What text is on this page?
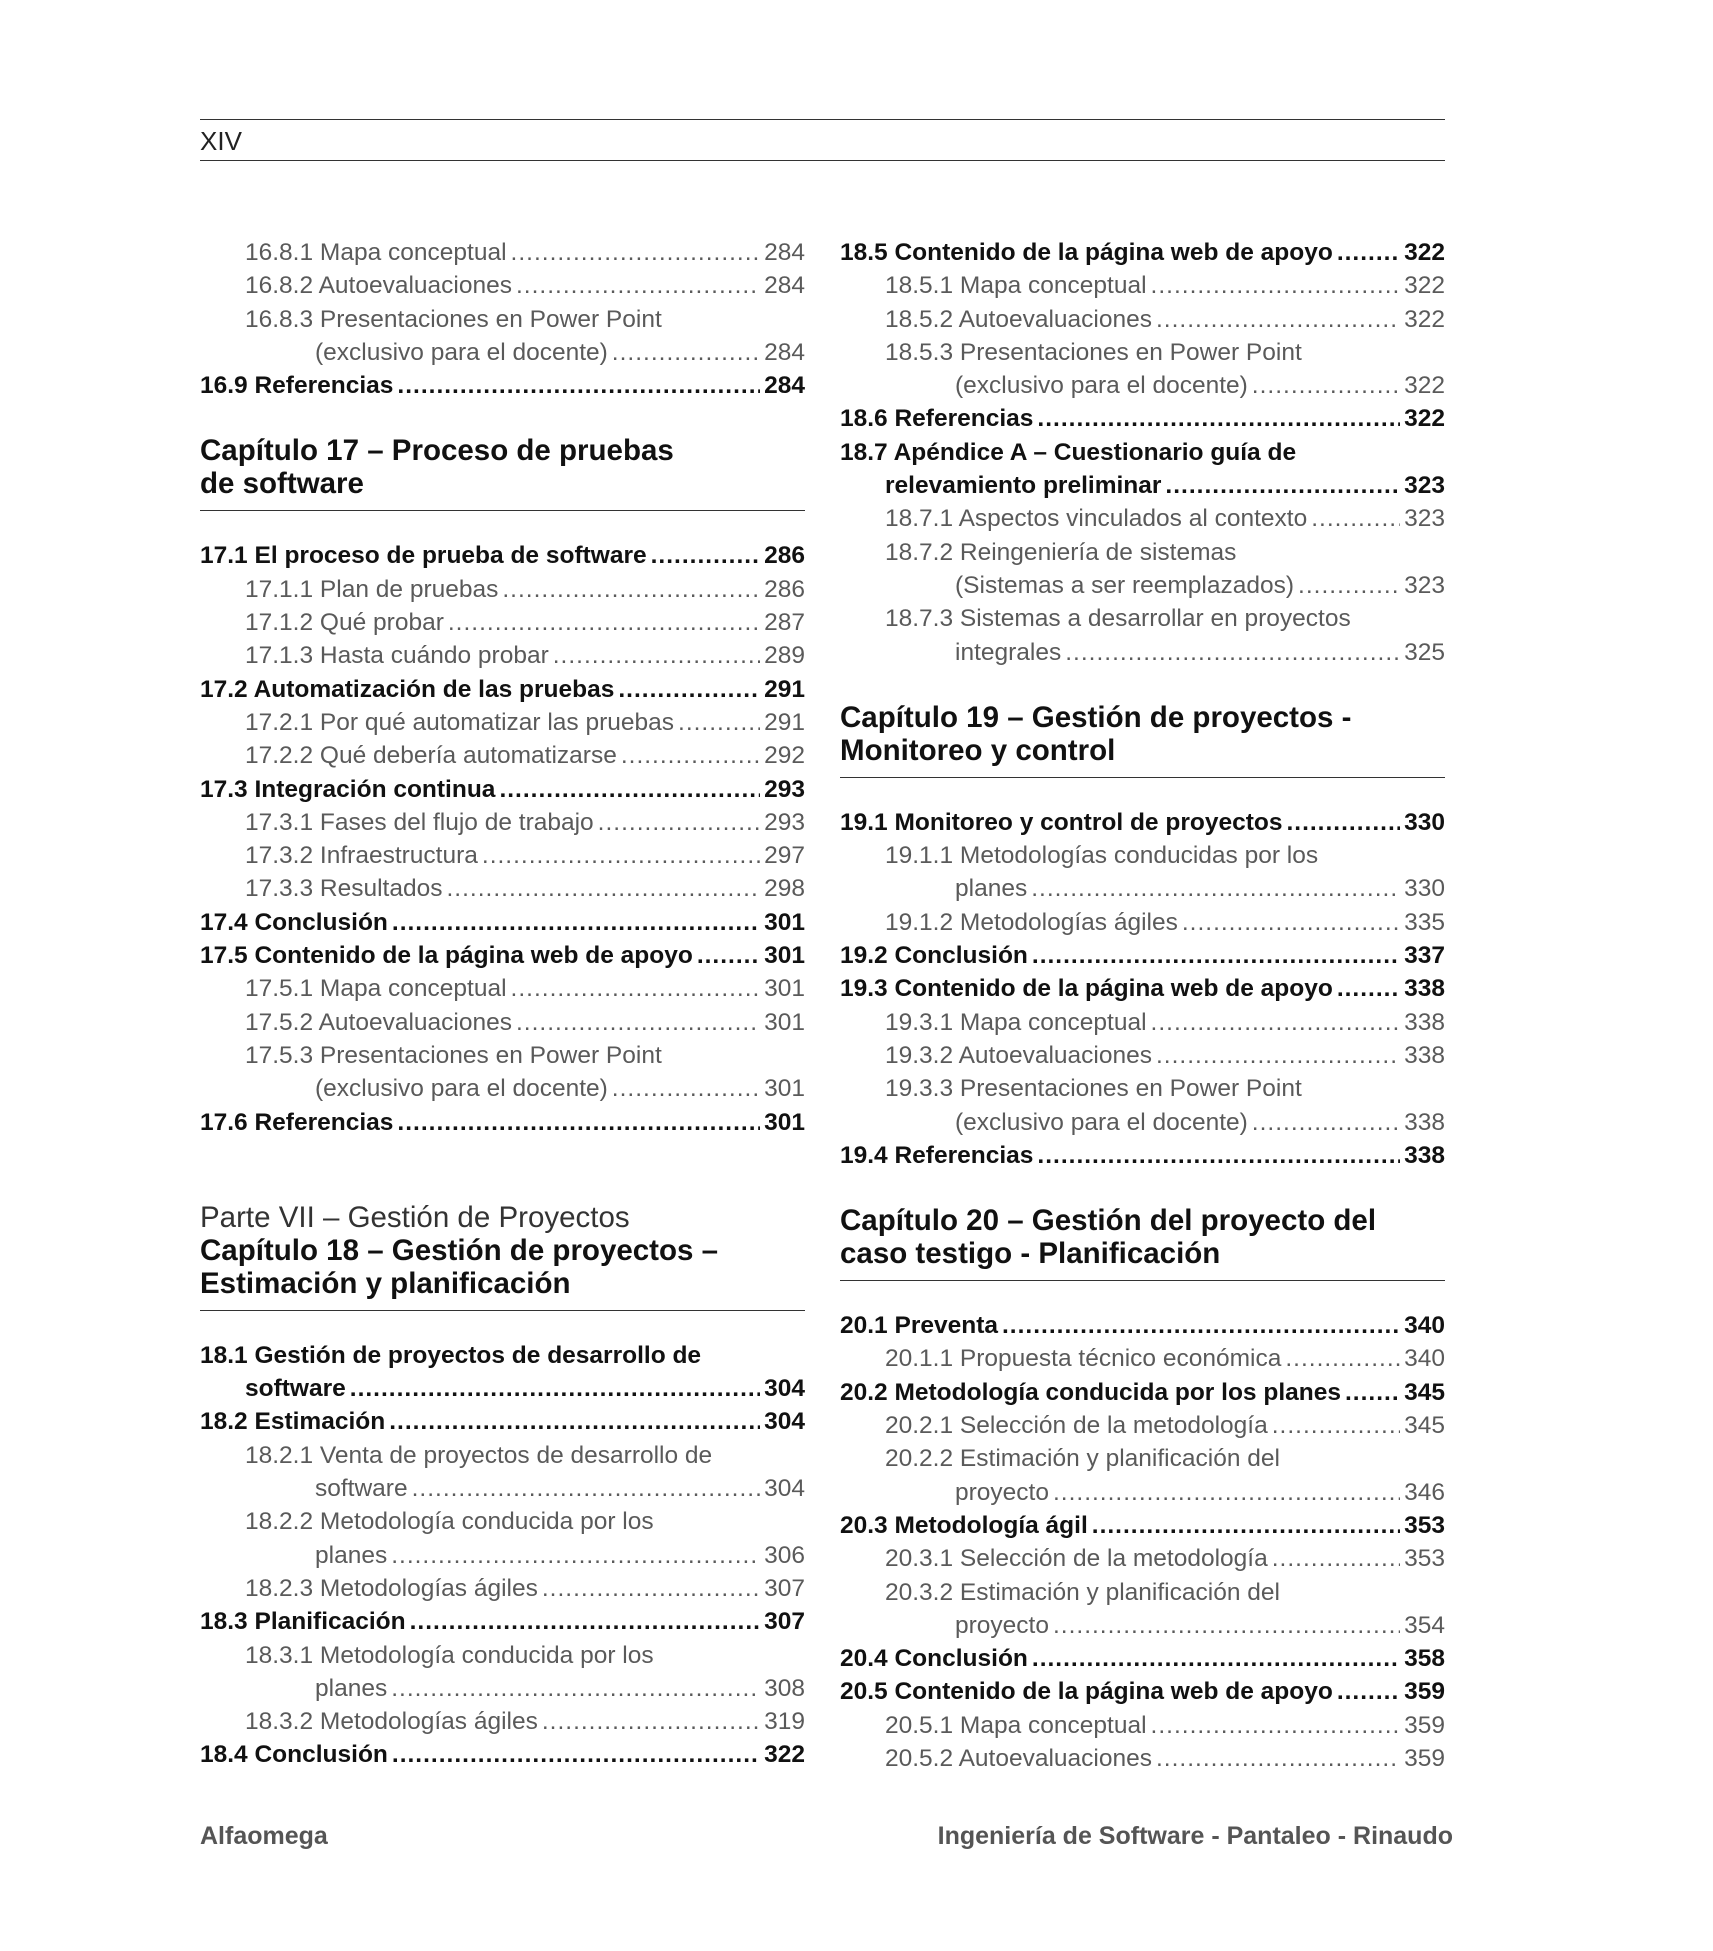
XIV
16.8.1 Mapa conceptual .....	284
16.8.2 Autoevaluaciones .....	284
16.8.3 Presentaciones en Power Point
(exclusivo para el docente) .....	284
16.9 Referencias .....	284
Capítulo 17 – Proceso de pruebas
de software
17.1 El proceso de prueba de software .....	286
17.1.1 Plan de pruebas .....	286
17.1.2 Qué probar .....	287
17.1.3 Hasta cuándo probar .....	289
17.2 Automatización de las pruebas .....	291
17.2.1 Por qué automatizar las pruebas .....	291
17.2.2 Qué debería automatizarse .....	292
17.3 Integración continua .....	293
17.3.1 Fases del flujo de trabajo .....	293
17.3.2 Infraestructura .....	297
17.3.3 Resultados .....	298
17.4 Conclusión .....	301
17.5 Contenido de la página web de apoyo .....	301
17.5.1 Mapa conceptual .....	301
17.5.2 Autoevaluaciones .....	301
17.5.3 Presentaciones en Power Point
(exclusivo para el docente) .....	301
17.6 Referencias .....	301
Parte VII – Gestión de Proyectos
Capítulo 18 – Gestión de proyectos –
Estimación y planificación
18.1 Gestión de proyectos de desarrollo de
software .....	304
18.2 Estimación .....	304
18.2.1 Venta de proyectos de desarrollo de
software .....	304
18.2.2 Metodología conducida por los
planes .....	306
18.2.3 Metodologías ágiles .....	307
18.3 Planificación .....	307
18.3.1 Metodología conducida por los
planes .....	308
18.3.2 Metodologías ágiles .....	319
18.4 Conclusión .....	322
18.5 Contenido de la página web de apoyo .....	322
18.5.1 Mapa conceptual .....	322
18.5.2 Autoevaluaciones .....	322
18.5.3 Presentaciones en Power Point
(exclusivo para el docente) .....	322
18.6 Referencias .....	322
18.7 Apéndice A – Cuestionario guía de
relevamiento preliminar .....	323
18.7.1 Aspectos vinculados al contexto .....	323
18.7.2 Reingeniería de sistemas
(Sistemas a ser reemplazados) .....	323
18.7.3 Sistemas a desarrollar en proyectos
integrales .....	325
Capítulo 19 – Gestión de proyectos -
Monitoreo y control
19.1 Monitoreo y control de proyectos .....	330
19.1.1 Metodologías conducidas por los
planes .....	330
19.1.2 Metodologías ágiles .....	335
19.2 Conclusión .....	337
19.3 Contenido de la página web de apoyo .....	338
19.3.1 Mapa conceptual .....	338
19.3.2 Autoevaluaciones .....	338
19.3.3 Presentaciones en Power Point
(exclusivo para el docente) .....	338
19.4 Referencias .....	338
Capítulo 20 – Gestión del proyecto del
caso testigo - Planificación
20.1 Preventa .....	340
20.1.1 Propuesta técnico económica .....	340
20.2 Metodología conducida por los planes .....	345
20.2.1 Selección de la metodología .....	345
20.2.2 Estimación y planificación del
proyecto .....	346
20.3 Metodología ágil .....	353
20.3.1 Selección de la metodología .....	353
20.3.2 Estimación y planificación del
proyecto .....	354
20.4 Conclusión .....	358
20.5 Contenido de la página web de apoyo .....	359
20.5.1 Mapa conceptual .....	359
20.5.2 Autoevaluaciones .....	359
Alfaomega	Ingeniería de Software - Pantaleo - Rinaudo
